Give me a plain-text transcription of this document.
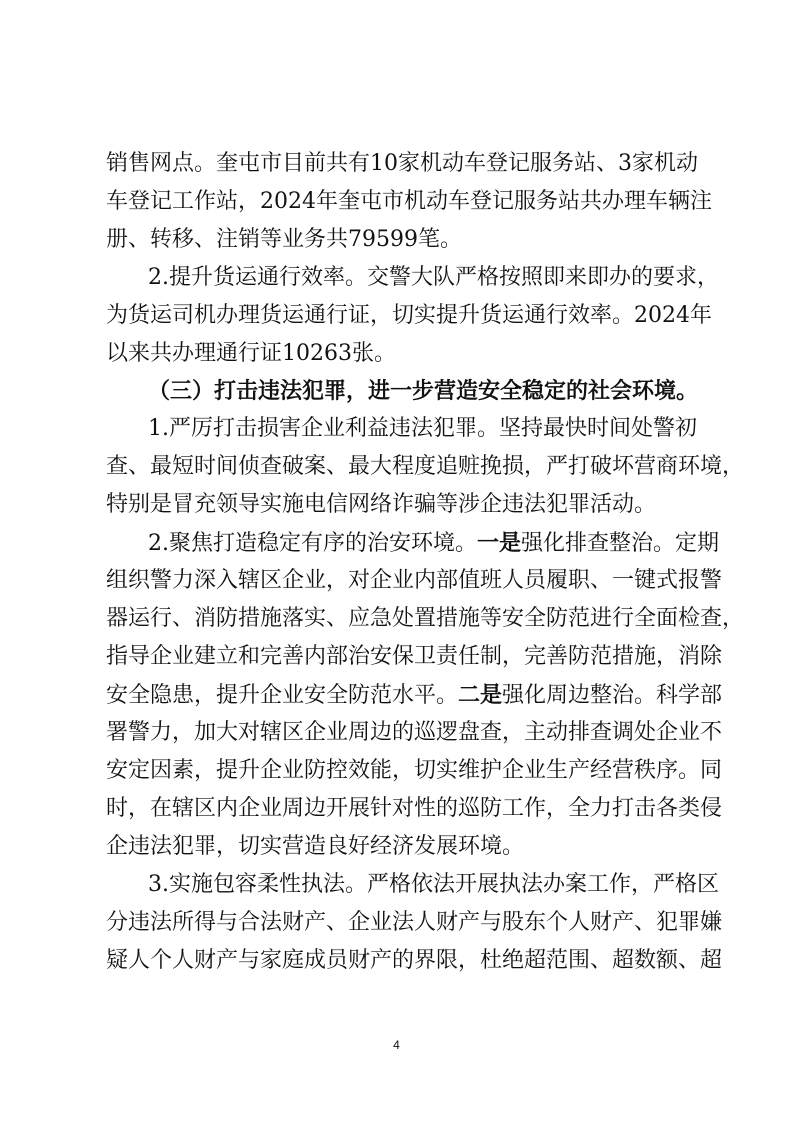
销售网点。奎屯市目前共有10家机动车登记服务站、3家机动
车登记工作站，2024年奎屯市机动车登记服务站共办理车辆注
册、转移、注销等业务共79599笔。
2.提升货运通行效率。交警大队严格按照即来即办的要求，
为货运司机办理货运通行证，切实提升货运通行效率。2024年
以来共办理通行证10263张。
（三）打击违法犯罪，进一步营造安全稳定的社会环境。
1.严厉打击损害企业利益违法犯罪。坚持最快时间处警初
查、最短时间侦查破案、最大程度追赃挽损，严打破坏营商环境，
特别是冒充领导实施电信网络诈骗等涉企违法犯罪活动。
2.聚焦打造稳定有序的治安环境。一是强化排查整治。定期
组织警力深入辖区企业，对企业内部值班人员履职、一键式报警
器运行、消防措施落实、应急处置措施等安全防范进行全面检查，
指导企业建立和完善内部治安保卫责任制，完善防范措施，消除
安全隐患，提升企业安全防范水平。二是强化周边整治。科学部
署警力，加大对辖区企业周边的巡逻盘查，主动排查调处企业不
安定因素，提升企业防控效能，切实维护企业生产经营秩序。同
时，在辖区内企业周边开展针对性的巡防工作，全力打击各类侵
企违法犯罪，切实营造良好经济发展环境。
3.实施包容柔性执法。严格依法开展执法办案工作，严格区
分违法所得与合法财产、企业法人财产与股东个人财产、犯罪嫌
疑人个人财产与家庭成员财产的界限，杜绝超范围、超数额、超
4
